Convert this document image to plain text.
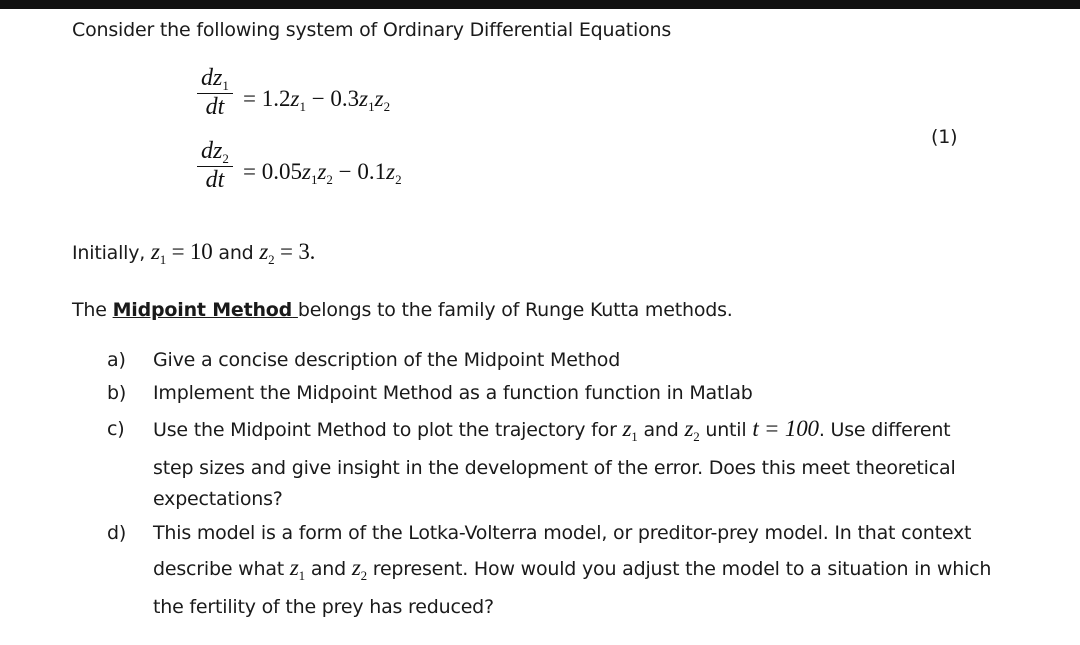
Consider the following system of Ordinary Differential Equations
$\frac{dz_1}{dt} = 1.2z_1 - 0.3z_1z_2$
$\frac{dz_2}{dt} = 0.05z_1z_2 - 0.1z_2$
(1)
Initially, $z_1 = 10$ and $z_2 = 3$.
The Midpoint Method belongs to the family of Runge Kutta methods.
a) Give a concise description of the Midpoint Method
b) Implement the Midpoint Method as a function function in Matlab
c) Use the Midpoint Method to plot the trajectory for $z_1$ and $z_2$ until t = 100. Use different
step sizes and give insight in the development of the error. Does this meet theoretical
expectations?
d) This model is a form of the Lotka-Volterra model, or preditor-prey model. In that context
describe what $z_1$ and $z_2$ represent. How would you adjust the model to a situation in which
the fertility of the prey has reduced?
